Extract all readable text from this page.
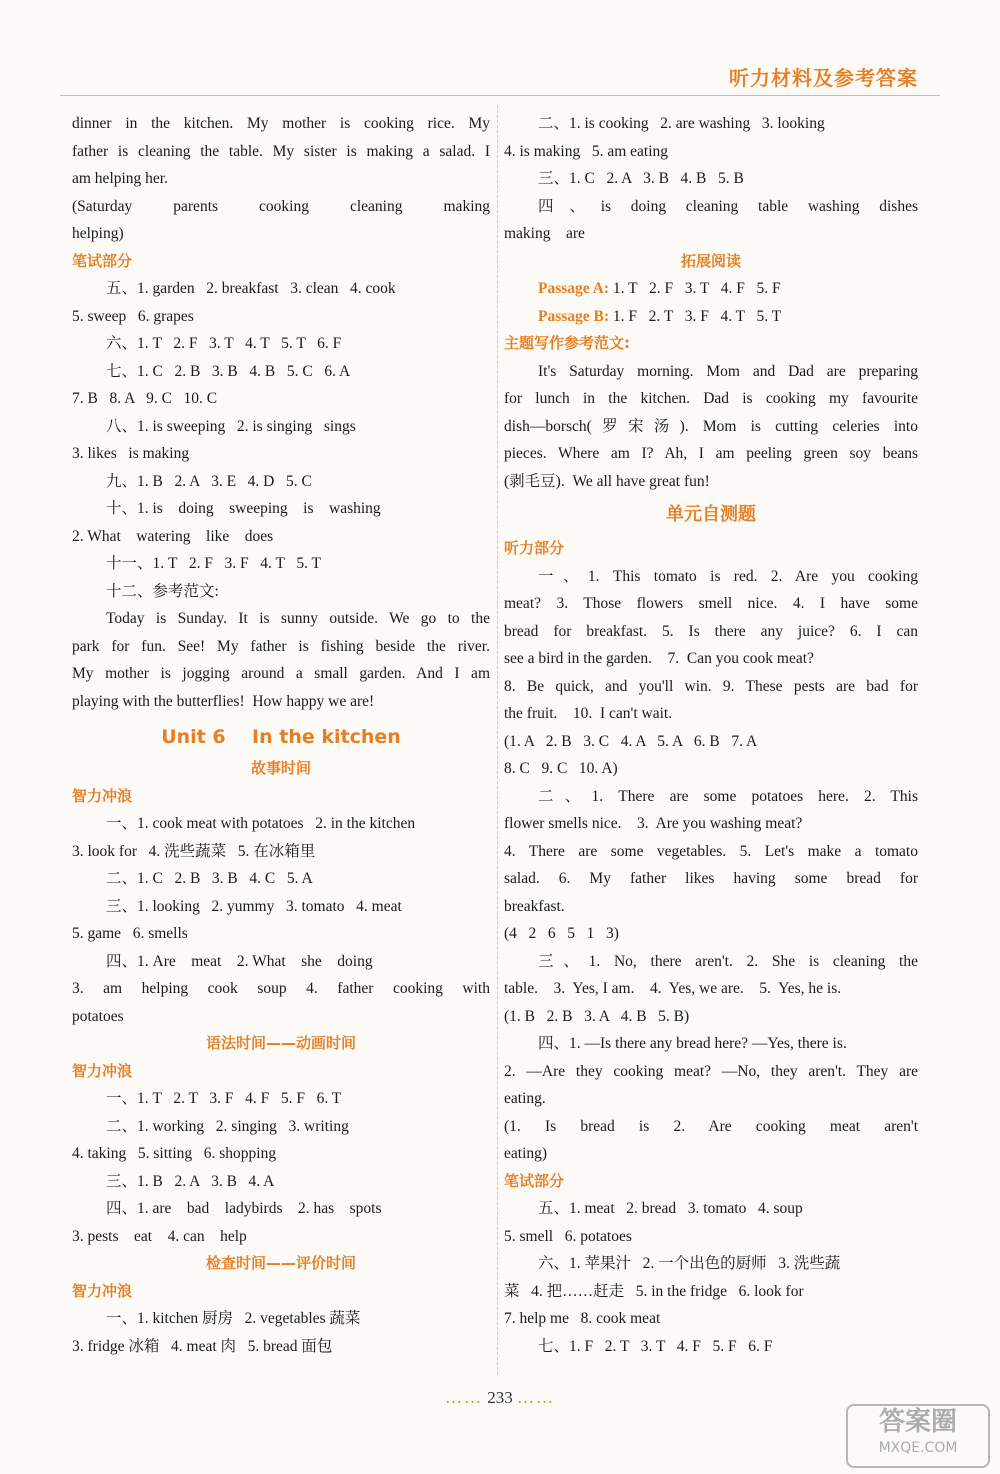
听力材料及参考答案
dinner in the kitchen. My mother is cooking rice. My
father is cleaning the table. My sister is making a salad. I
am helping her.
(Saturday parents cooking cleaning making
helping)
笔试部分
五、1. garden   2. breakfast   3. clean   4. cook
5. sweep   6. grapes
六、1. T   2. F   3. T   4. T   5. T   6. F
七、1. C   2. B   3. B   4. B   5. C   6. A
7. B   8. A   9. C   10. C
八、1. is sweeping   2. is singing   sings
3. likes   is making
九、1. B   2. A   3. E   4. D   5. C
十、1. is    doing    sweeping    is    washing
2. What    watering    like    does
十一、1. T   2. F   3. F   4. T   5. T
十二、参考范文:
Today is Sunday. It is sunny outside. We go to the
park for fun. See! My father is fishing beside the river.
My mother is jogging around a small garden. And I am
playing with the butterflies!  How happy we are!
Unit 6    In the kitchen
故事时间
智力冲浪
一、1. cook meat with potatoes   2. in the kitchen
3. look for   4. 洗些蔬菜   5. 在冰箱里
二、1. C   2. B   3. B   4. C   5. A
三、1. looking   2. yummy   3. tomato   4. meat
5. game   6. smells
四、1. Are    meat    2. What    she    doing
3. am helping cook soup 4. father cooking with
potatoes
语法时间——动画时间
智力冲浪
一、1. T   2. T   3. F   4. F   5. F   6. T
二、1. working   2. singing   3. writing
4. taking   5. sitting   6. shopping
三、1. B   2. A   3. B   4. A
四、1. are    bad    ladybirds    2. has    spots
3. pests    eat    4. can    help
检查时间——评价时间
智力冲浪
一、1. kitchen 厨房   2. vegetables 蔬菜
3. fridge 冰箱   4. meat 肉   5. bread 面包
二、1. is cooking   2. are washing   3. looking
4. is making   5. am eating
三、1. C   2. A   3. B   4. B   5. B
四、is doing cleaning table washing dishes
making    are
拓展阅读
Passage A: 1. T   2. F   3. T   4. F   5. F
Passage B: 1. F   2. T   3. F   4. T   5. T
主题写作参考范文:
It's Saturday morning. Mom and Dad are preparing
for lunch in the kitchen. Dad is cooking my favourite
dish—borsch(罗宋汤). Mom is cutting celeries into
pieces. Where am I? Ah, I am peeling green soy beans
(剥毛豆).  We all have great fun!
单元自测题
听力部分
一、1. This tomato is red. 2. Are you cooking
meat? 3. Those flowers smell nice. 4. I have some
bread for breakfast. 5. Is there any juice? 6. I can
see a bird in the garden.    7.  Can you cook meat?
8. Be quick, and you'll win. 9. These pests are bad for
the fruit.    10.  I can't wait.
(1. A   2. B   3. C   4. A   5. A   6. B   7. A
8. C   9. C   10. A)
二、1. There are some potatoes here. 2. This
flower smells nice.    3.  Are you washing meat?
4. There are some vegetables. 5. Let's make a tomato
salad. 6. My father likes having some bread for
breakfast.
(4   2   6   5   1   3)
三、1. No, there aren't. 2. She is cleaning the
table.    3.  Yes, I am.    4.  Yes, we are.    5.  Yes, he is.
(1. B   2. B   3. A   4. B   5. B)
四、1. —Is there any bread here? —Yes, there is.
2. —Are they cooking meat? —No, they aren't. They are
eating.
(1. Is bread is 2. Are cooking meat aren't
eating)
笔试部分
五、1. meat   2. bread   3. tomato   4. soup
5. smell   6. potatoes
六、1. 苹果汁   2. 一个出色的厨师   3. 洗些蔬
菜   4. 把……赶走   5. in the fridge   6. look for
7. help me   8. cook meat
七、1. F   2. T   3. T   4. F   5. F   6. F
…… 233 ……
答案圈
MXQE.COM
